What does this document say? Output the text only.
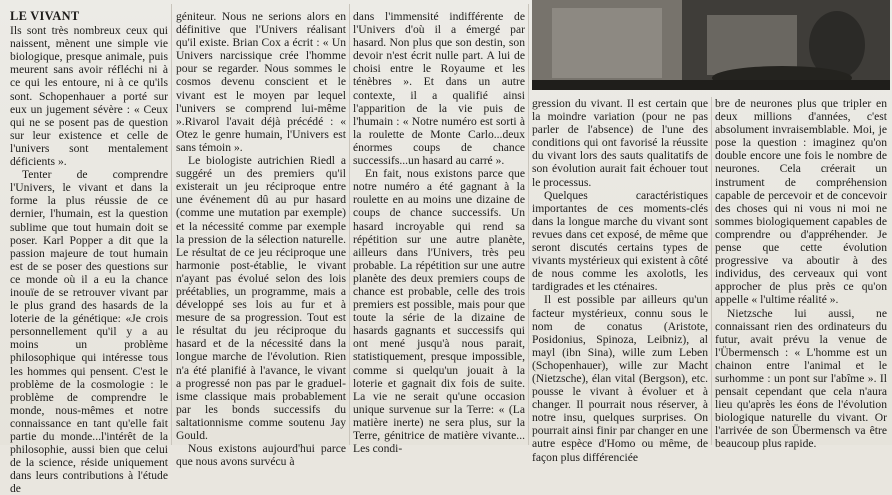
LE VIVANT

Ils sont très nombreux ceux qui naissent, mènent une simple vie biologique, presque animale, puis meurent sans avoir réfléchi ni à ce qui les entoure, ni à ce qu'ils sont. Schopenhauer a porté sur eux un jugement sévère : « Ceux qui ne se posent pas de question sur leur existence et celle de l'univers sont mentalement déficients ».

Tenter de comprendre l'Univers, le vivant et dans la forme la plus réussie de ce dernier, l'humain, est la question sublime que tout humain doit se poser. Karl Popper a dit que la passion majeure de tout humain est de se poser des questions sur ce monde où il a eu la chance inouïe de se retrouver vivant par le plus grand des hasards de la loterie de la génétique: «Je crois personnellement qu'il y a au moins un problème philosophique qui intéresse tous les hommes qui pensent. C'est le problème de la cosmologie : le problème de comprendre le monde, nous-mêmes et notre connaissance en tant qu'elle fait partie du monde...l'intérêt de la philosophie, aussi bien que celui de la science, réside uniquement dans leurs contributions à l'étude de

géniteur. Nous ne serions alors en définitive que l'Univers réalisant qu'il existe. Brian Cox a écrit : « Un Univers narcissique crée l'homme pour se regarder. Nous sommes le cosmos devenu conscient et le vivant est le moyen par lequel l'univers se comprend lui-même ».Rivarol l'avait déjà précédé : « Otez le genre humain, l'Univers est sans témoin ».

Le biologiste autrichien Riedl a suggéré un des premiers qu'il existerait un jeu réciproque entre une événement dû au pur hasard (comme une mutation par exemple) et la nécessité comme par exemple la pression de la sélection naturelle. Le résultat de ce jeu réciproque une harmonie post-établie, le vivant n'ayant pas évolué selon des lois préétablies, un programme, mais a développé ses lois au fur et à mesure de sa progression. Tout est le résultat du jeu réciproque du hasard et de la nécessité dans la longue marche de l'évolution. Rien n'a été planifié à l'avance, le vivant a progressé non pas par le graduel-isme classique mais probablement par les bonds successifs du saltationnisme comme soutenu Jay Gould.

Nous existons aujourd'hui parce que nous avons survécu à

dans l'immensité indifférente de l'Univers d'où il a émergé par hasard. Non plus que son destin, son devoir n'est écrit nulle part. A lui de choisi entre le Royaume et les ténèbres ». Et dans un autre contexte, il a qualifié ainsi l'apparition de la vie puis de l'humain : « Notre numéro est sorti à la roulette de Monte Carlo...deux énormes coups de chance successifs...un hasard au carré ».

En fait, nous existons parce que notre numéro a été gagnant à la roulette en au moins une dizaine de coups de chance successifs. Un hasard incroyable qui rend sa répétition sur une autre planète, ailleurs dans l'Univers, très peu probable. La répétition sur une autre planète des deux premiers coups de chance est probable, celle des trois premiers est possible, mais pour que toute la série de la dizaine de hasards gagnants et successifs qui ont mené jusqu'à nous parait, statistiquement, presque impossible, comme si quelqu'un jouait à la loterie et gagnait dix fois de suite. La vie ne serait qu'une occasion unique survenue sur la Terre: « (La matière inerte) ne sera plus, sur la Terre, génitrice de matière vivante... Les condi-

gression du vivant. Il est certain que la moindre variation (pour ne pas parler de l'absence) de l'une des conditions qui ont favorisé la réussite du vivant lors des sauts qualitatifs de son évolution aurait fait échouer tout le processus.

Quelques caractéristiques importantes de ces moments-clés dans la longue marche du vivant sont revues dans cet exposé, de même que seront discutés certains types de vivants mystérieux qui existent à côté de nous comme les axolotls, les tardigrades et les cténaires.

Il est possible par ailleurs qu'un facteur mystérieux, connu sous le nom de conatus (Aristote, Posidonius, Spinoza, Leibniz), al mayl (ibn Sina), wille zum Leben (Schopenhauer), wille zur Macht (Nietzsche), élan vital (Bergson), etc. pousse le vivant à évoluer et à changer. Il pourrait nous réserver, à notre insu, quelques surprises. On pourrait ainsi finir par changer en une autre espèce d'Homo ou même, de façon plus différenciée

bre de neurones plus que tripler en deux millions d'années, c'est absolument invraisemblable. Moi, je pose la question : imaginez qu'on double encore une fois le nombre de neurones. Cela créerait un instrument de compréhension capable de percevoir et de concevoir des choses qui ni vous ni moi ne sommes biologiquement capables de comprendre ou d'appréhender. Je pense que cette évolution progressive va aboutir à des individus, des cerveaux qui vont approcher de plus près ce qu'on appelle « l'ultime réalité ».

Nietzsche lui aussi, ne connaissant rien des ordinateurs du futur, avait prévu la venue de l'Übermensch : « L'homme est un chainon entre l'animal et le surhomme : un pont sur l'abîme ». Il pensait cependant que cela n'aura lieu qu'après les éons de l'évolution biologique naturelle du vivant. Or l'arrivée de son Übermensch va être beaucoup plus rapide.
